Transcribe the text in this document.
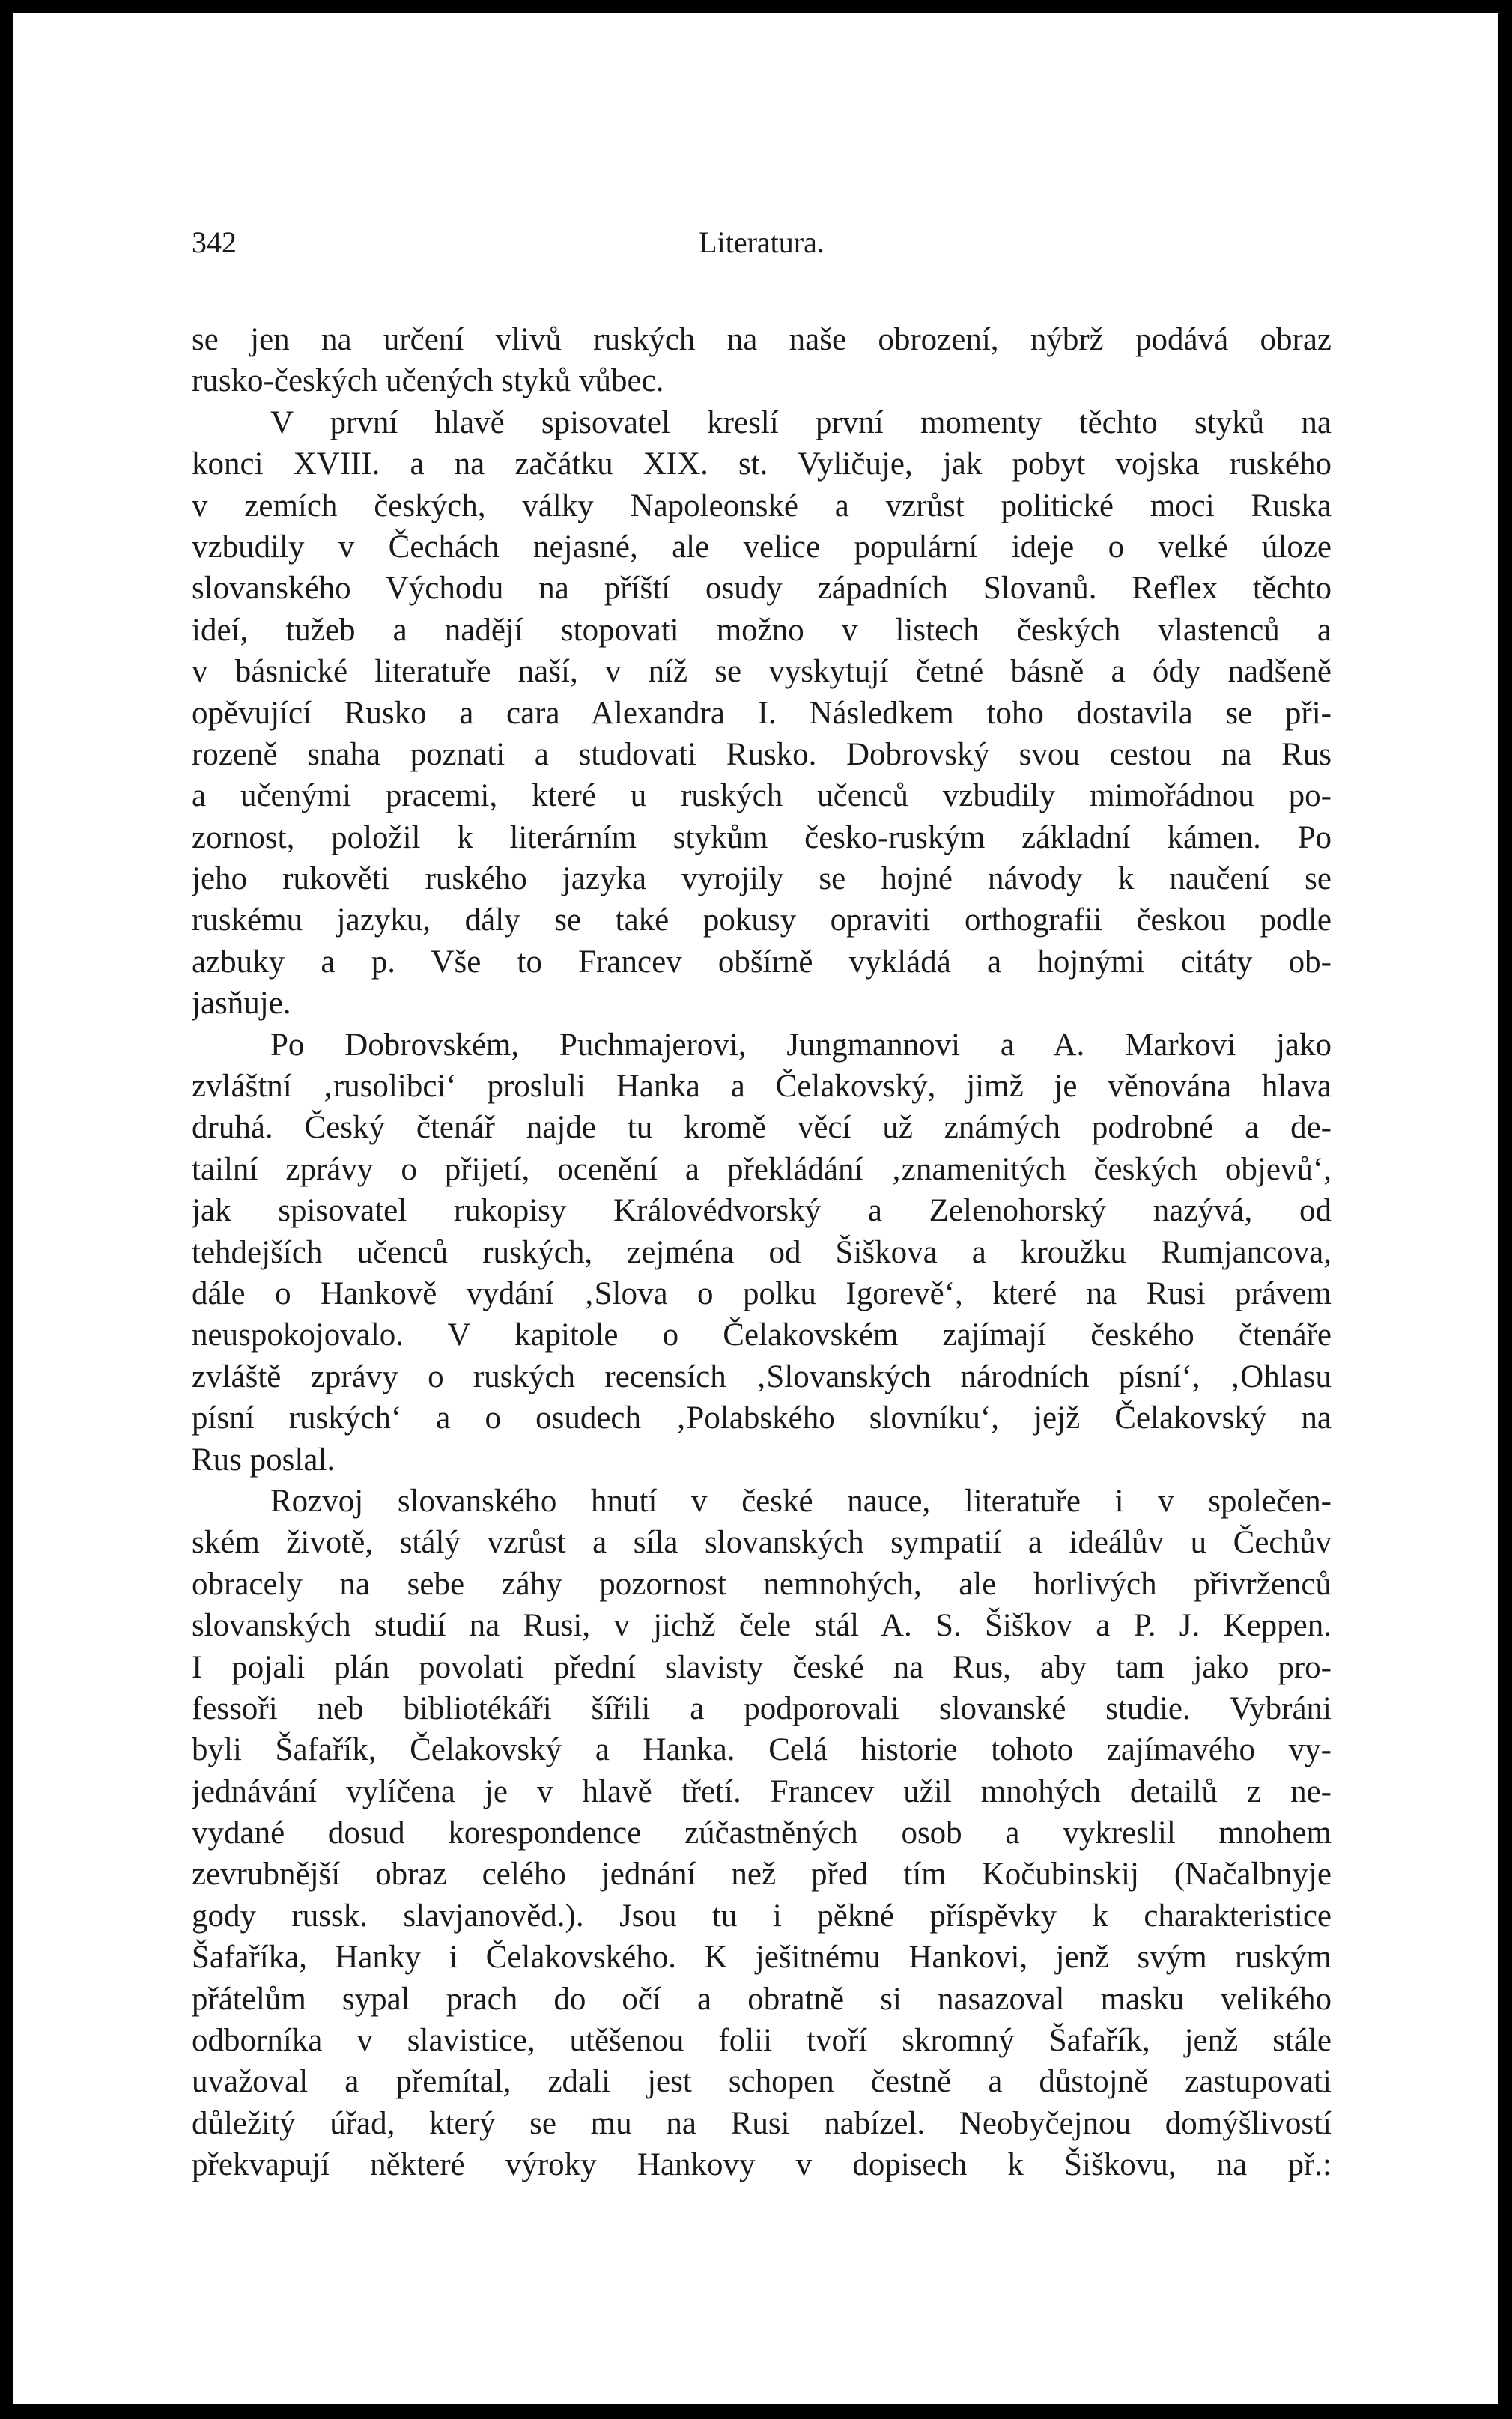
342	Literatura.
se jen na určení vlivů ruských na naše obrození, nýbrž podává obraz
rusko-českých učených styků vůbec.
V první hlavě spisovatel kreslí první momenty těchto styků na
konci XVIII. a na začátku XIX. st. Vyličuje, jak pobyt vojska ruského
v zemích českých, války Napoleonské a vzrůst politické moci Ruska
vzbudily v Čechách nejasné, ale velice populární ideje o velké úloze
slovanského Východu na příští osudy západních Slovanů. Reflex těchto
ideí, tužeb a nadějí stopovati možno v listech českých vlastenců a
v básnické literatuře naší, v níž se vyskytují četné básně a ódy nadšeně
opěvující Rusko a cara Alexandra I. Následkem toho dostavila se při-
rozeně snaha poznati a studovati Rusko. Dobrovský svou cestou na Rus
a učenými pracemi, které u ruských učenců vzbudily mimořádnou po-
zornost, položil k literárním stykům česko-ruským základní kámen. Po
jeho rukověti ruského jazyka vyrojily se hojné návody k naučení se
ruskému jazyku, dály se také pokusy opraviti orthografii českou podle
azbuky a p. Vše to Francev obšírně vykládá a hojnými citáty ob-
jasňuje.
Po Dobrovském, Puchmajerovi, Jungmannovi a A. Markovi jako
zvláštní ‚rusolibci‘ prosluli Hanka a Čelakovský, jimž je věnována hlava
druhá. Český čtenář najde tu kromě věcí už známých podrobné a de-
tailní zprávy o přijetí, ocenění a překládání ‚znamenitých českých objevů‘,
jak spisovatel rukopisy Královédvorský a Zelenohorský nazývá, od
tehdejších učenců ruských, zejména od Šiškova a kroužku Rumjancova,
dále o Hankově vydání ‚Slova o polku Igorevě‘, které na Rusi právem
neuspokojovalo. V kapitole o Čelakovském zajímají českého čtenáře
zvláště zprávy o ruských recensích ‚Slovanských národních písní‘, ‚Ohlasu
písní ruských‘ a o osudech ‚Polabského slovníku‘, jejž Čelakovský na
Rus poslal.
Rozvoj slovanského hnutí v české nauce, literatuře i v společen-
ském životě, stálý vzrůst a síla slovanských sympatií a ideálův u Čechův
obracely na sebe záhy pozornost nemnohých, ale horlivých přivrženců
slovanských studií na Rusi, v jichž čele stál A. S. Šiškov a P. J. Keppen.
I pojali plán povolati přední slavisty české na Rus, aby tam jako pro-
fessoři neb bibliotékáři šířili a podporovali slovanské studie. Vybráni
byli Šafařík, Čelakovský a Hanka. Celá historie tohoto zajímavého vy-
jednávání vylíčena je v hlavě třetí. Francev užil mnohých detailů z ne-
vydané dosud korespondence zúčastněných osob a vykreslil mnohem
zevrubnější obraz celého jednání než před tím Kočubinskij (Načalbnyje
gody russk. slavjanověd.). Jsou tu i pěkné příspěvky k charakteristice
Šafaříka, Hanky i Čelakovského. K ješitnému Hankovi, jenž svým ruským
přátelům sypal prach do očí a obratně si nasazoval masku velikého
odborníka v slavistice, utěšenou folii tvoří skromný Šafařík, jenž stále
uvažoval a přemítal, zdali jest schopen čestně a důstojně zastupovati
důležitý úřad, který se mu na Rusi nabízel. Neobyčejnou domýšlivostí
překvapují některé výroky Hankovy v dopisech k Šiškovu, na př.:
